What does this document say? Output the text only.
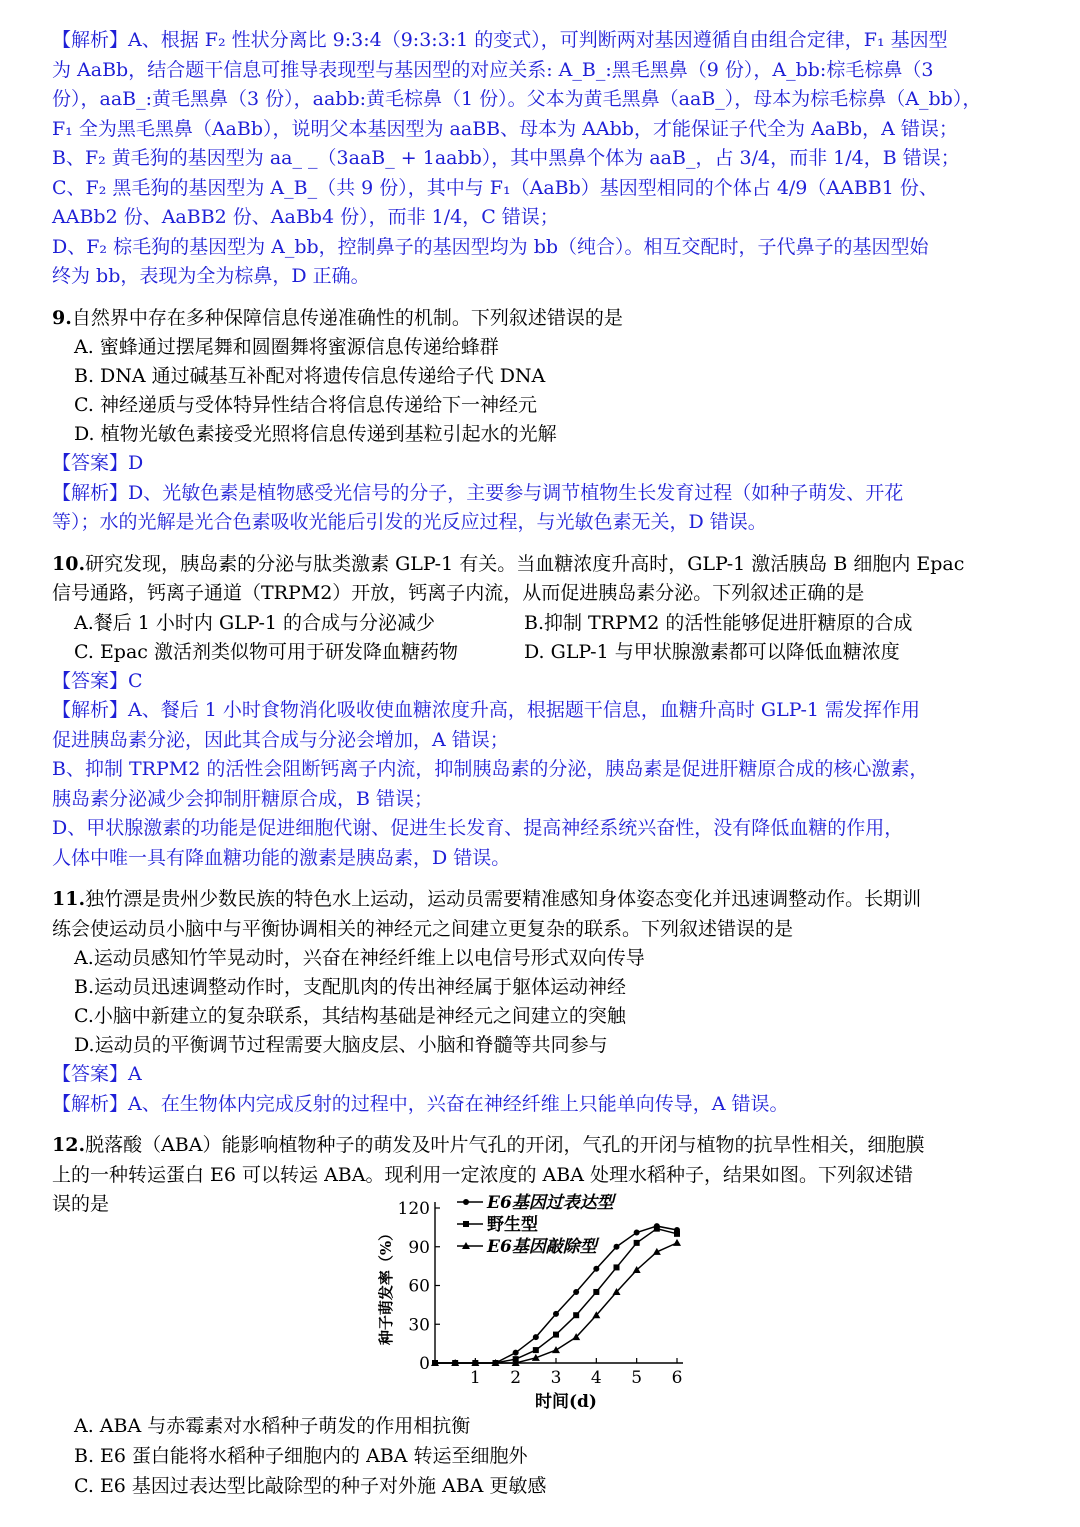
【解析】A、根据 F₂ 性状分离比 9:3:4（9:3:3:1 的变式），可判断两对基因遵循自由组合定律，F₁ 基因型

为 AaBb，结合题干信息可推导表现型与基因型的对应关系: A_B_:黑毛黑鼻（9 份），A_bb:棕毛棕鼻（3

份），aaB_:黄毛黑鼻（3 份），aabb:黄毛棕鼻（1 份）。父本为黄毛黑鼻（aaB_），母本为棕毛棕鼻（A_bb），

F₁ 全为黑毛黑鼻（AaBb），说明父本基因型为 aaBB、母本为 AAbb，才能保证子代全为 AaBb，A 错误；

B、F₂ 黄毛狗的基因型为 aa_ _（3aaB_ + 1aabb），其中黑鼻个体为 aaB_，占 3/4，而非 1/4，B 错误；

C、F₂ 黑毛狗的基因型为 A_B_（共 9 份），其中与 F₁（AaBb）基因型相同的个体占 4/9（AABB1 份、

AABb2 份、AaBB2 份、AaBb4 份），而非 1/4，C 错误；

D、F₂ 棕毛狗的基因型为 A_bb，控制鼻子的基因型均为 bb（纯合）。相互交配时，子代鼻子的基因型始

终为 bb，表现为全为棕鼻，D 正确。

9.自然界中存在多种保障信息传递准确性的机制。下列叙述错误的是

A. 蜜蜂通过摆尾舞和圆圈舞将蜜源信息传递给蜂群

B. DNA 通过碱基互补配对将遗传信息传递给子代 DNA

C. 神经递质与受体特异性结合将信息传递给下一神经元

D. 植物光敏色素接受光照将信息传递到基粒引起水的光解

【答案】D

【解析】D、光敏色素是植物感受光信号的分子，主要参与调节植物生长发育过程（如种子萌发、开花

等）；水的光解是光合色素吸收光能后引发的光反应过程，与光敏色素无关，D 错误。

10.研究发现，胰岛素的分泌与肽类激素 GLP-1 有关。当血糖浓度升高时，GLP-1 激活胰岛 B 细胞内 Epac

信号通路，钙离子通道（TRPM2）开放，钙离子内流，从而促进胰岛素分泌。下列叙述正确的是

A.餐后 1 小时内 GLP-1 的合成与分泌减少	B.抑制 TRPM2 的活性能够促进肝糖原的合成
C. Epac 激活剂类似物可用于研发降血糖药物	D. GLP-1 与甲状腺激素都可以降低血糖浓度

【答案】C

【解析】A、餐后 1 小时食物消化吸收使血糖浓度升高，根据题干信息，血糖升高时 GLP-1 需发挥作用

促进胰岛素分泌，因此其合成与分泌会增加，A 错误；

B、抑制 TRPM2 的活性会阻断钙离子内流，抑制胰岛素的分泌，胰岛素是促进肝糖原合成的核心激素，

胰岛素分泌减少会抑制肝糖原合成，B 错误；

D、甲状腺激素的功能是促进细胞代谢、促进生长发育、提高神经系统兴奋性，没有降低血糖的作用，

人体中唯一具有降血糖功能的激素是胰岛素，D 错误。

11.独竹漂是贵州少数民族的特色水上运动，运动员需要精准感知身体姿态变化并迅速调整动作。长期训

练会使运动员小脑中与平衡协调相关的神经元之间建立更复杂的联系。下列叙述错误的是

A.运动员感知竹竿晃动时，兴奋在神经纤维上以电信号形式双向传导

B.运动员迅速调整动作时，支配肌肉的传出神经属于躯体运动神经

C.小脑中新建立的复杂联系，其结构基础是神经元之间建立的突触

D.运动员的平衡调节过程需要大脑皮层、小脑和脊髓等共同参与

【答案】A

【解析】A、在生物体内完成反射的过程中，兴奋在神经纤维上只能单向传导，A 错误。

12.脱落酸（ABA）能影响植物种子的萌发及叶片气孔的开闭，气孔的开闭与植物的抗旱性相关，细胞膜

上的一种转运蛋白 E6 可以转运 ABA。现利用一定浓度的 ABA 处理水稻种子，结果如图。下列叙述错

误的是

0
30
60
90
120
1 2 3 4 5 6
时间(d)
种子萌发率（%）
E6基因过表达型
野生型
E6基因敲除型

A. ABA 与赤霉素对水稻种子萌发的作用相抗衡

B. E6 蛋白能将水稻种子细胞内的 ABA 转运至细胞外

C. E6 基因过表达型比敲除型的种子对外施 ABA 更敏感
